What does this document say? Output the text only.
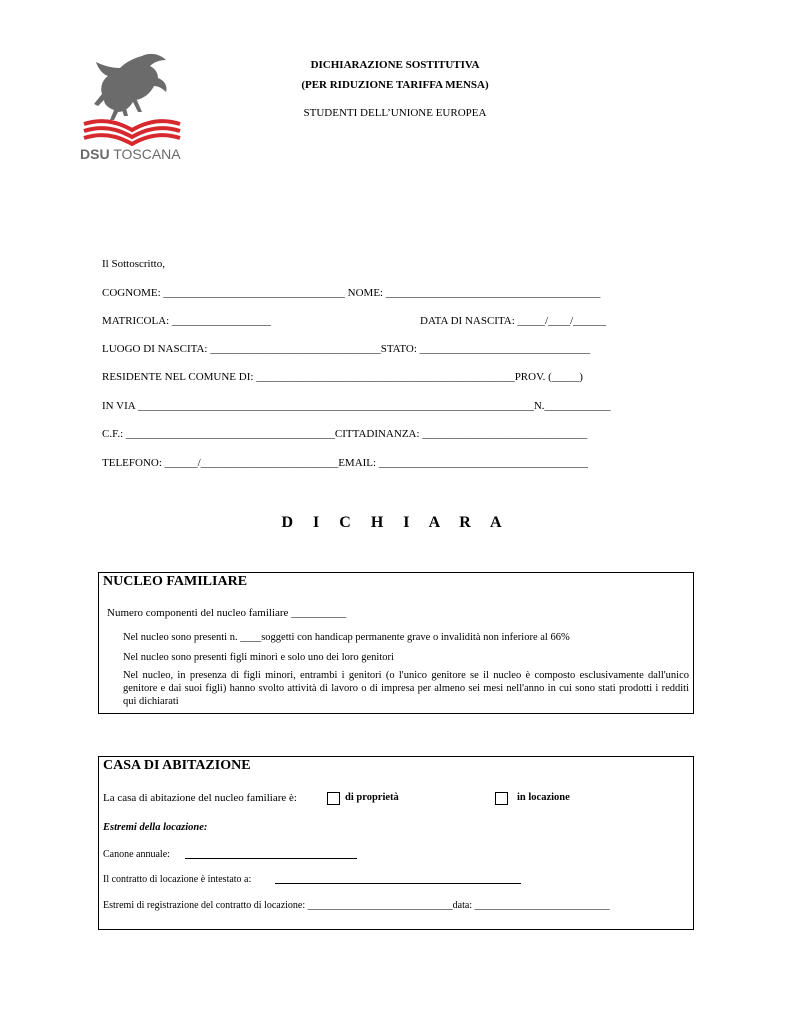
DSU TOSCANA
DICHIARAZIONE SOSTITUTIVA
(PER RIDUZIONE TARIFFA MENSA)
STUDENTI DELL’UNIONE EUROPEA
Il Sottoscritto,
COGNOME: _________________________________ NOME: _______________________________________
MATRICOLA: __________________	DATA DI NASCITA: _____/____/______
LUOGO DI NASCITA: _______________________________STATO: _______________________________
RESIDENTE NEL COMUNE DI: _______________________________________________PROV. (_____)
IN VIA ________________________________________________________________________N.____________
C.F.: ______________________________________CITTADINANZA: ______________________________
TELEFONO: ______/_________________________EMAIL: ______________________________________
D I C H I A R A
NUCLEO FAMILIARE
Numero componenti del nucleo familiare __________
Nel nucleo sono presenti n. ____soggetti con handicap permanente grave o invalidità non inferiore al 66%
Nel nucleo sono presenti figli minori e solo uno dei loro genitori
Nel nucleo, in presenza di figli minori, entrambi i genitori (o l'unico genitore se il nucleo è composto esclusivamente dall'unico genitore e dai suoi figli) hanno svolto attività di lavoro o di impresa per almeno sei mesi nell'anno in cui sono stati prodotti i redditi qui dichiarati
CASA DI ABITAZIONE
La casa di abitazione del nucleo familiare è:	di proprietà	in locazione
Estremi della locazione:
Canone annuale:
Il contratto di locazione è intestato a:
Estremi di registrazione del contratto di locazione: _____________________________data: ___________________________
